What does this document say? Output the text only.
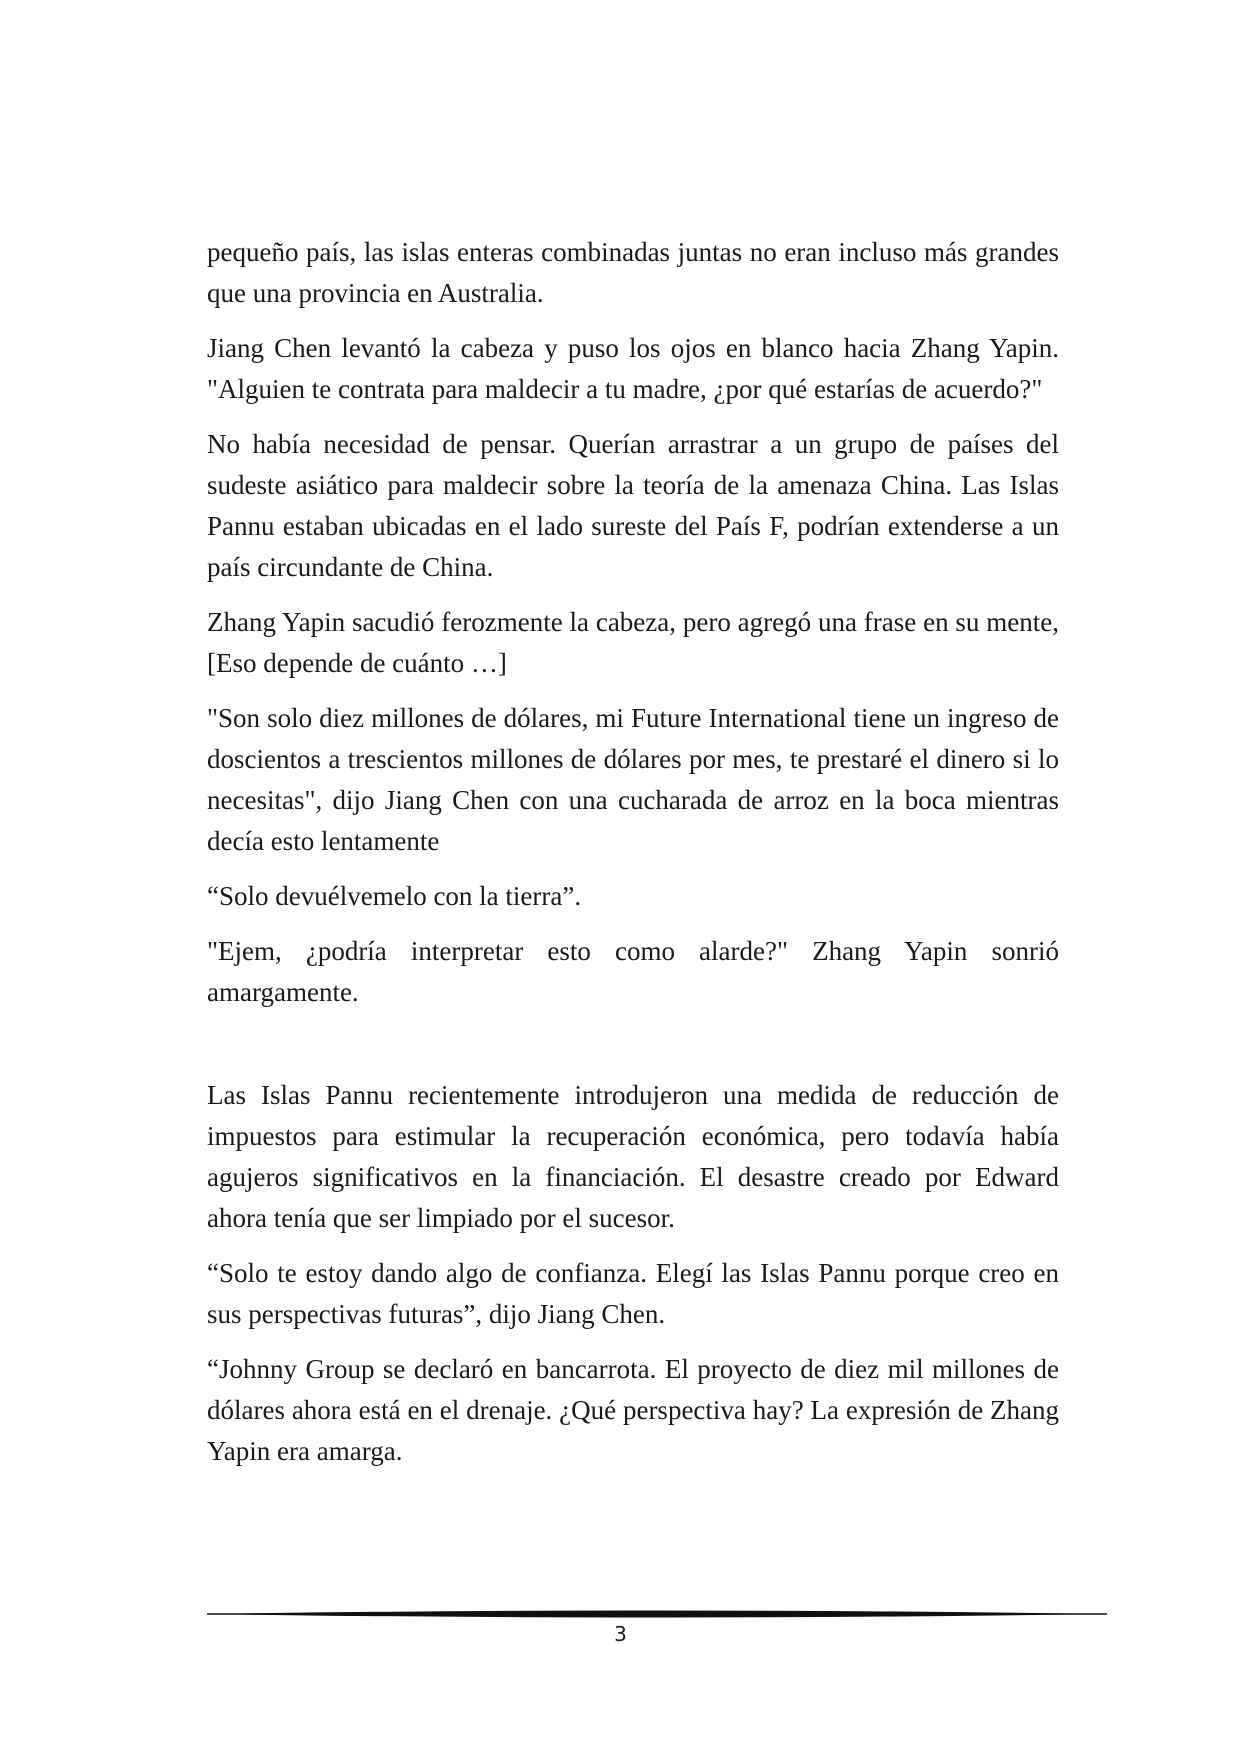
pequeño país, las islas enteras combinadas juntas no eran incluso más grandes que una provincia en Australia.

Jiang Chen levantó la cabeza y puso los ojos en blanco hacia Zhang Yapin. "Alguien te contrata para maldecir a tu madre, ¿por qué estarías de acuerdo?"

No había necesidad de pensar. Querían arrastrar a un grupo de países del sudeste asiático para maldecir sobre la teoría de la amenaza China. Las Islas Pannu estaban ubicadas en el lado sureste del País F, podrían extenderse a un país circundante de China.

Zhang Yapin sacudió ferozmente la cabeza, pero agregó una frase en su mente, [Eso depende de cuánto …]

"Son solo diez millones de dólares, mi Future International tiene un ingreso de doscientos a trescientos millones de dólares por mes, te prestaré el dinero si lo necesitas", dijo Jiang Chen con una cucharada de arroz en la boca mientras decía esto lentamente

“Solo devuélvemelo con la tierra”.

"Ejem, ¿podría interpretar esto como alarde?" Zhang Yapin sonrió amargamente.

Las Islas Pannu recientemente introdujeron una medida de reducción de impuestos para estimular la recuperación económica, pero todavía había agujeros significativos en la financiación. El desastre creado por Edward ahora tenía que ser limpiado por el sucesor.

“Solo te estoy dando algo de confianza. Elegí las Islas Pannu porque creo en sus perspectivas futuras”, dijo Jiang Chen.

“Johnny Group se declaró en bancarrota. El proyecto de diez mil millones de dólares ahora está en el drenaje. ¿Qué perspectiva hay? La expresión de Zhang Yapin era amarga.

3
